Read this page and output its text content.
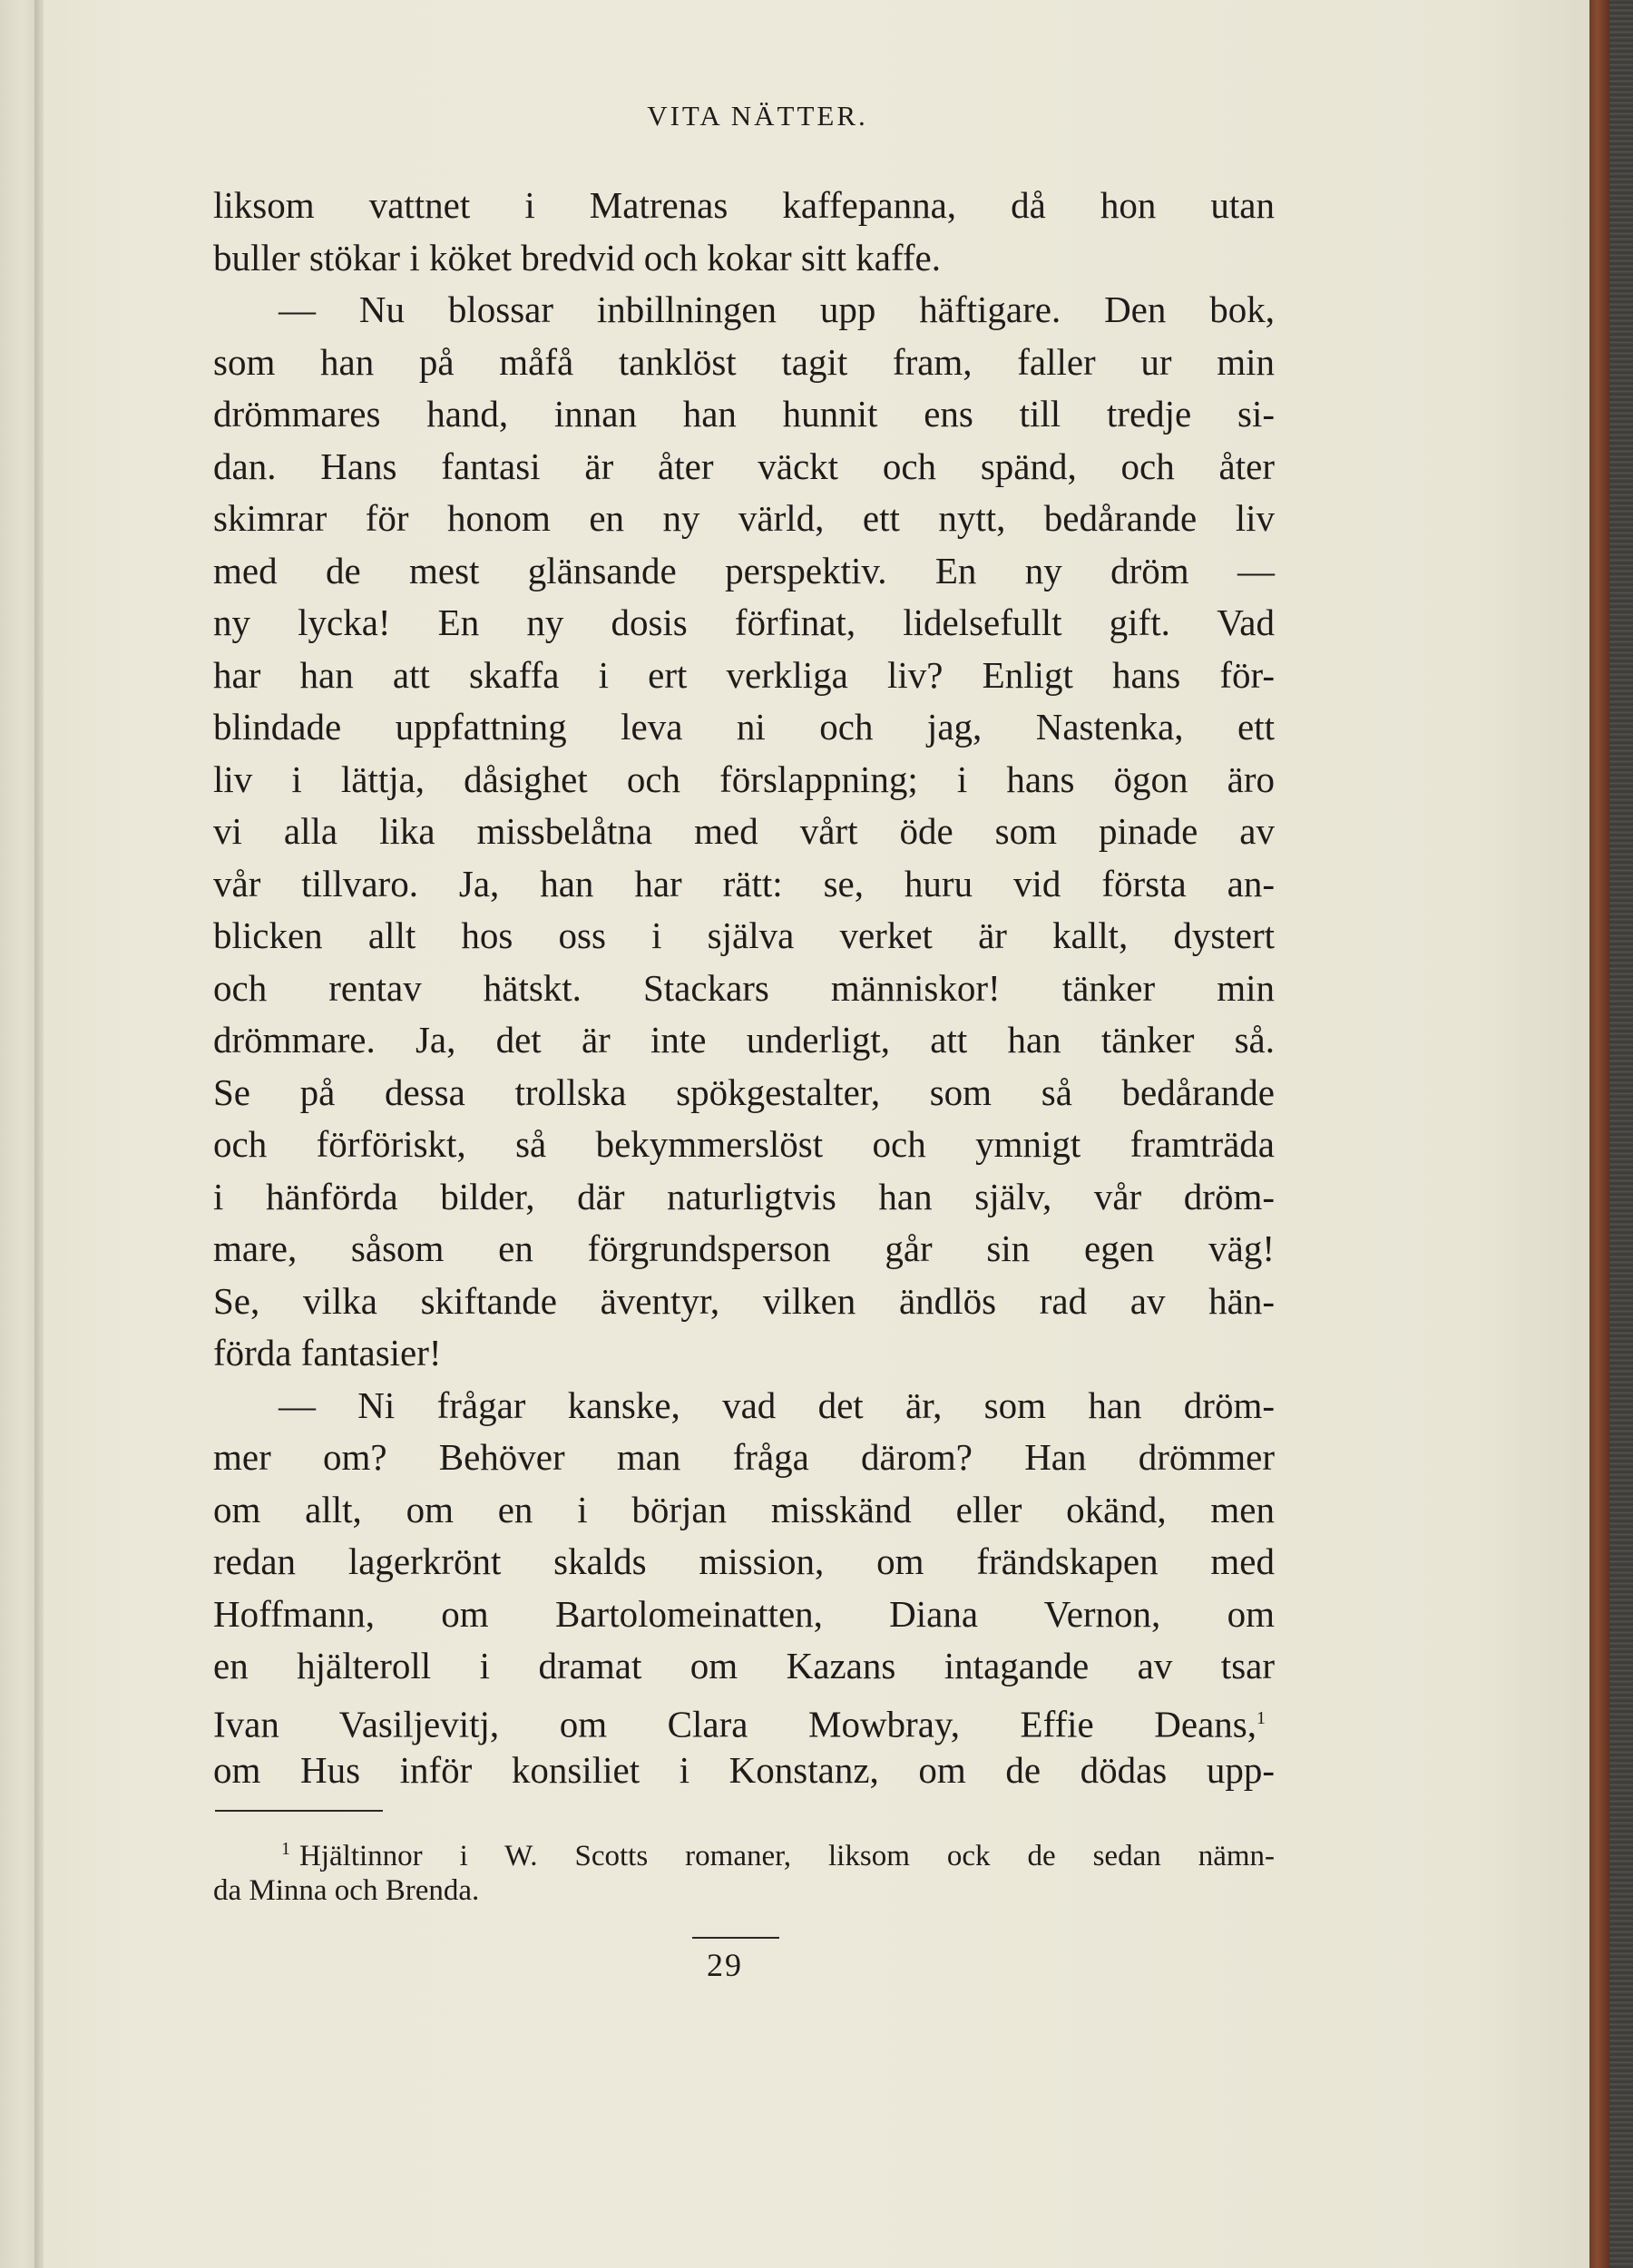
VITA NÄTTER.
liksom vattnet i Matrenas kaffepanna, då hon utan
buller stökar i köket bredvid och kokar sitt kaffe.
— Nu blossar inbillningen upp häftigare. Den bok,
som han på måfå tanklöst tagit fram, faller ur min
drömmares hand, innan han hunnit ens till tredje si-
dan. Hans fantasi är åter väckt och spänd, och åter
skimrar för honom en ny värld, ett nytt, bedårande liv
med de mest glänsande perspektiv. En ny dröm —
ny lycka! En ny dosis förfinat, lidelsefullt gift. Vad
har han att skaffa i ert verkliga liv? Enligt hans för-
blindade uppfattning leva ni och jag, Nastenka, ett
liv i lättja, dåsighet och förslappning; i hans ögon äro
vi alla lika missbelåtna med vårt öde som pinade av
vår tillvaro. Ja, han har rätt: se, huru vid första an-
blicken allt hos oss i själva verket är kallt, dystert
och rentav hätskt. Stackars människor! tänker min
drömmare. Ja, det är inte underligt, att han tänker så.
Se på dessa trollska spökgestalter, som så bedårande
och förföriskt, så bekymmerslöst och ymnigt framträda
i hänförda bilder, där naturligtvis han själv, vår dröm-
mare, såsom en förgrundsperson går sin egen väg!
Se, vilka skiftande äventyr, vilken ändlös rad av hän-
förda fantasier!
— Ni frågar kanske, vad det är, som han dröm-
mer om? Behöver man fråga därom? Han drömmer
om allt, om en i början misskänd eller okänd, men
redan lagerkrönt skalds mission, om frändskapen med
Hoffmann, om Bartolomeinatten, Diana Vernon, om
en hjälteroll i dramat om Kazans intagande av tsar
Ivan Vasiljevitj, om Clara Mowbray, Effie Deans,$^1$
om Hus inför konsiliet i Konstanz, om de dödas upp-
$^1$ Hjältinnor i W. Scotts romaner, liksom ock de sedan nämn-
da Minna och Brenda.
29
